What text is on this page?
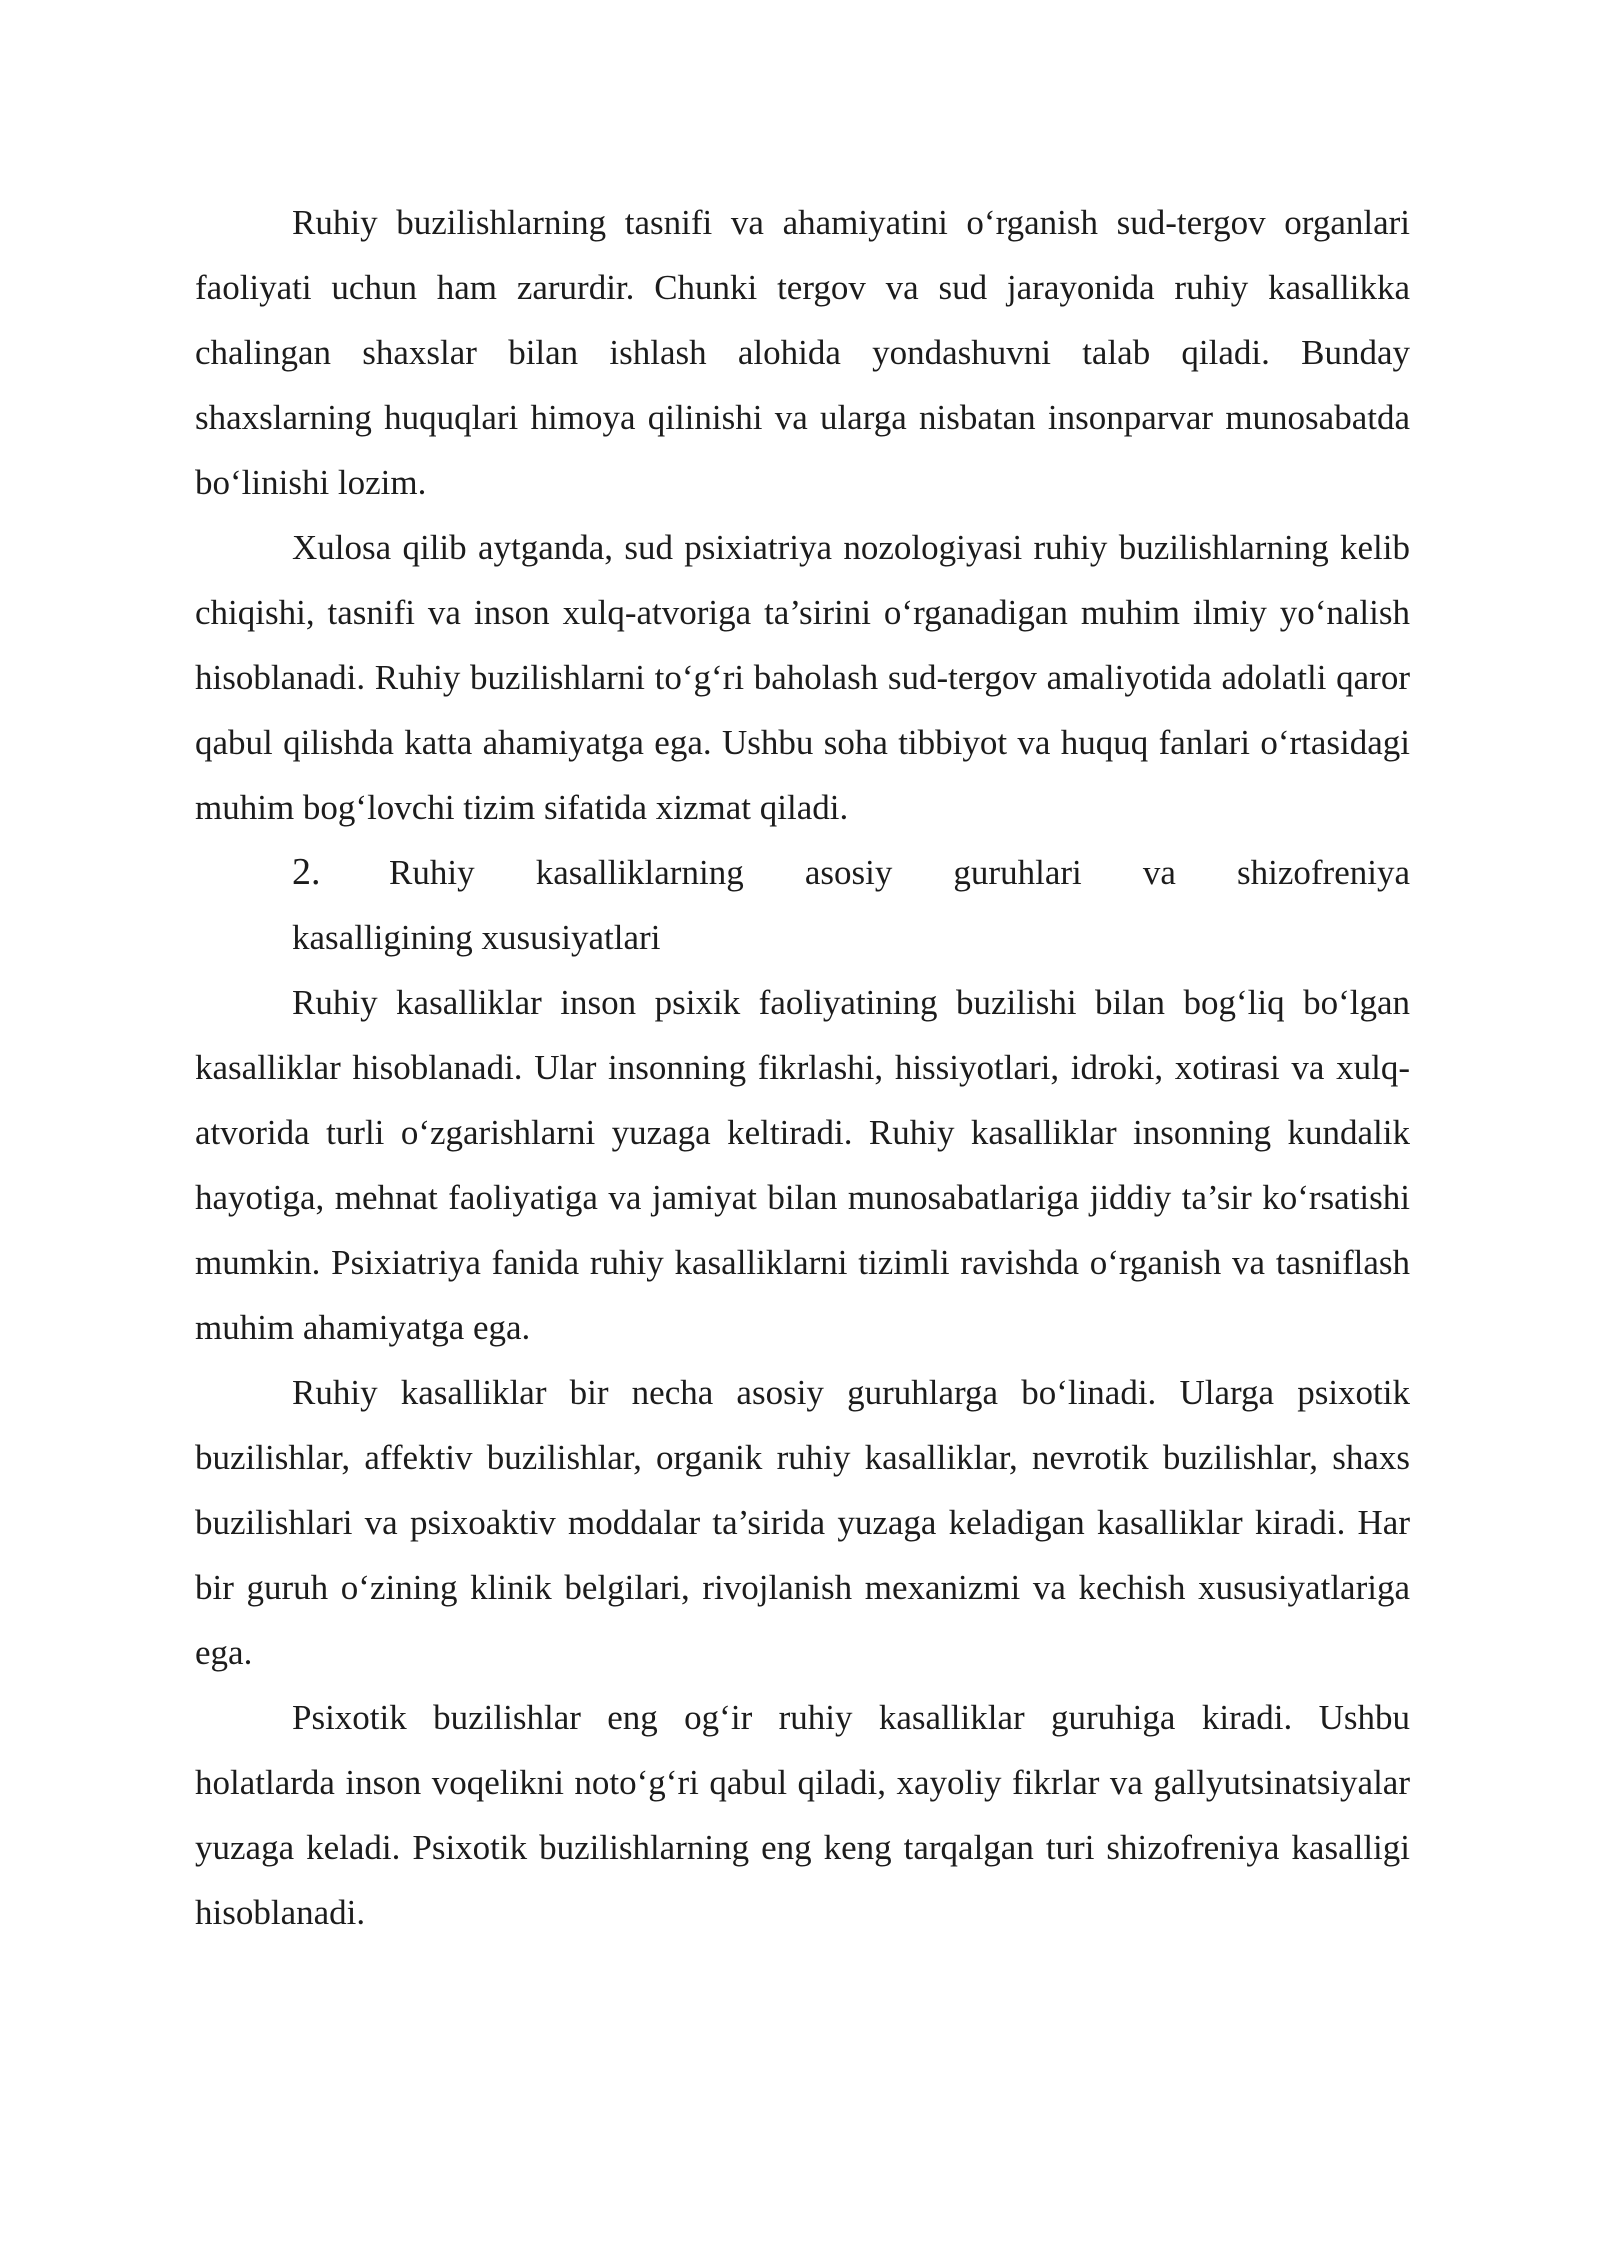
Ruhiy buzilishlarning tasnifi va ahamiyatini o‘rganish sud-tergov organlari faoliyati uchun ham zarurdir. Chunki tergov va sud jarayonida ruhiy kasallikka chalingan shaxslar bilan ishlash alohida yondashuvni talab qiladi. Bunday shaxslarning huquqlari himoya qilinishi va ularga nisbatan insonparvar munosabatda bo‘linishi lozim.

Xulosa qilib aytganda, sud psixiatriya nozologiyasi ruhiy buzilishlarning kelib chiqishi, tasnifi va inson xulq-atvoriga ta’sirini o‘rganadigan muhim ilmiy yo‘nalish hisoblanadi. Ruhiy buzilishlarni to‘g‘ri baholash sud-tergov amaliyotida adolatli qaror qabul qilishda katta ahamiyatga ega. Ushbu soha tibbiyot va huquq fanlari o‘rtasidagi muhim bog‘lovchi tizim sifatida xizmat qiladi.

2.	Ruhiy kasalliklarning asosiy guruhlari va shizofreniya
kasalligining xususiyatlari

Ruhiy kasalliklar inson psixik faoliyatining buzilishi bilan bog‘liq bo‘lgan kasalliklar hisoblanadi. Ular insonning fikrlashi, hissiyotlari, idroki, xotirasi va xulq-atvorida turli o‘zgarishlarni yuzaga keltiradi. Ruhiy kasalliklar insonning kundalik hayotiga, mehnat faoliyatiga va jamiyat bilan munosabatlariga jiddiy ta’sir ko‘rsatishi mumkin. Psixiatriya fanida ruhiy kasalliklarni tizimli ravishda o‘rganish va tasniflash muhim ahamiyatga ega.

Ruhiy kasalliklar bir necha asosiy guruhlarga bo‘linadi. Ularga psixotik buzilishlar, affektiv buzilishlar, organik ruhiy kasalliklar, nevrotik buzilishlar, shaxs buzilishlari va psixoaktiv moddalar ta’sirida yuzaga keladigan kasalliklar kiradi. Har bir guruh o‘zining klinik belgilari, rivojlanish mexanizmi va kechish xususiyatlariga ega.

Psixotik buzilishlar eng og‘ir ruhiy kasalliklar guruhiga kiradi. Ushbu holatlarda inson voqelikni noto‘g‘ri qabul qiladi, xayoliy fikrlar va gallyutsinatsiyalar yuzaga keladi. Psixotik buzilishlarning eng keng tarqalgan turi shizofreniya kasalligi hisoblanadi.
